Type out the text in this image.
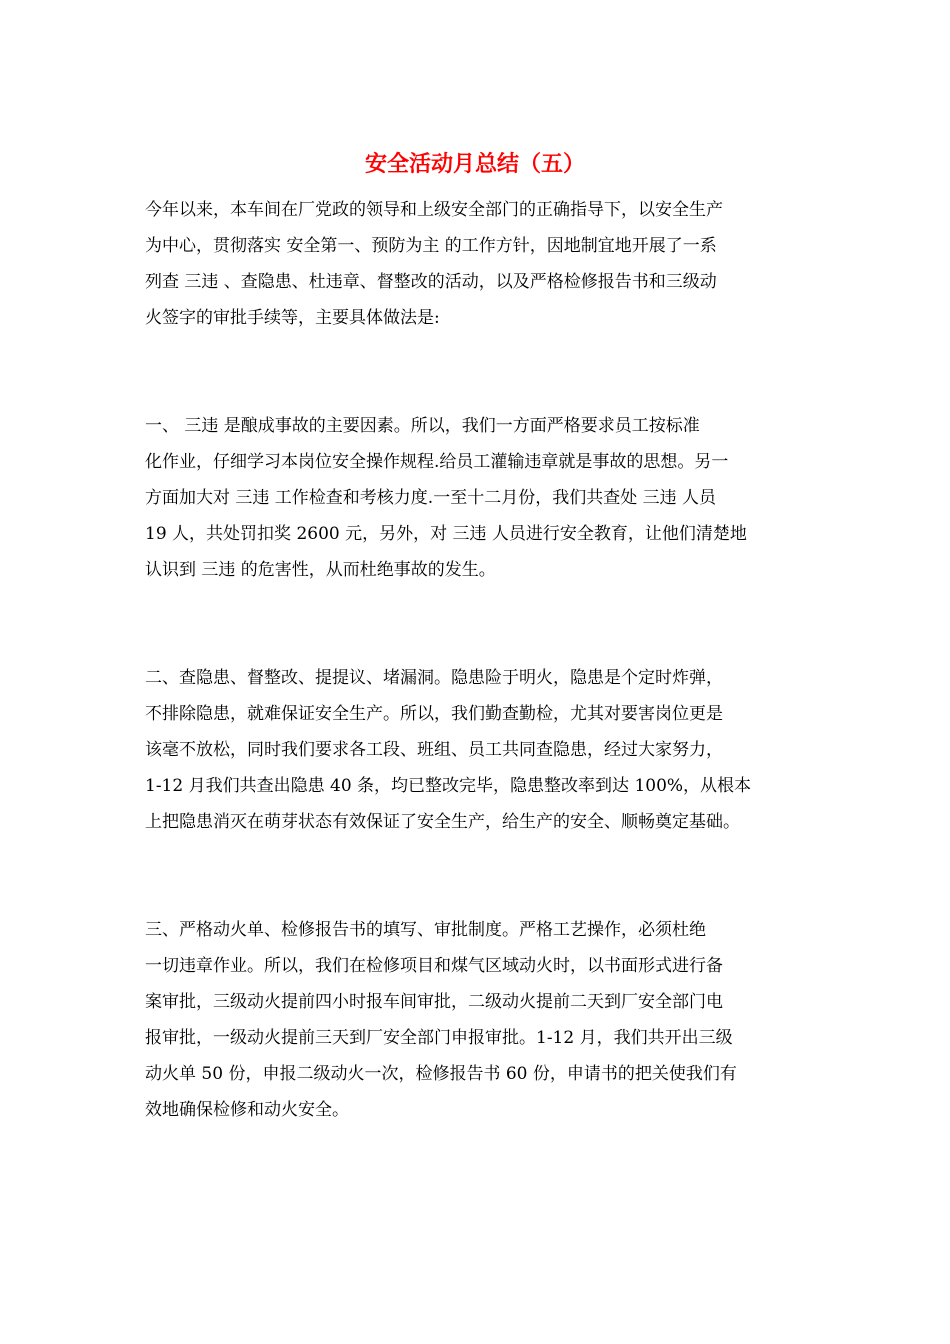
安全活动月总结（五）
今年以来，本车间在厂党政的领导和上级安全部门的正确指导下，以安全生产
为中心，贯彻落实 安全第一、预防为主 的工作方针，因地制宜地开展了一系
列查 三违 、查隐患、杜违章、督整改的活动，以及严格检修报告书和三级动
火签字的审批手续等，主要具体做法是:
一、 三违 是酿成事故的主要因素。所以，我们一方面严格要求员工按标准
化作业，仔细学习本岗位安全操作规程.给员工灌输违章就是事故的思想。另一
方面加大对 三违 工作检查和考核力度.一至十二月份，我们共查处 三违 人员
19 人，共处罚扣奖 2600 元，另外，对 三违 人员进行安全教育，让他们清楚地
认识到 三违 的危害性，从而杜绝事故的发生。
二、查隐患、督整改、提提议、堵漏洞。隐患险于明火，隐患是个定时炸弹，
不排除隐患，就难保证安全生产。所以，我们勤查勤检，尤其对要害岗位更是
该毫不放松，同时我们要求各工段、班组、员工共同查隐患，经过大家努力，
1-12 月我们共查出隐患 40 条，均已整改完毕，隐患整改率到达 100%，从根本
上把隐患消灭在萌芽状态有效保证了安全生产，给生产的安全、顺畅奠定基础。
三、严格动火单、检修报告书的填写、审批制度。严格工艺操作，必须杜绝
一切违章作业。所以，我们在检修项目和煤气区域动火时，以书面形式进行备
案审批，三级动火提前四小时报车间审批，二级动火提前二天到厂安全部门电
报审批，一级动火提前三天到厂安全部门申报审批。1-12 月，我们共开出三级
动火单 50 份，申报二级动火一次，检修报告书 60 份，申请书的把关使我们有
效地确保检修和动火安全。
